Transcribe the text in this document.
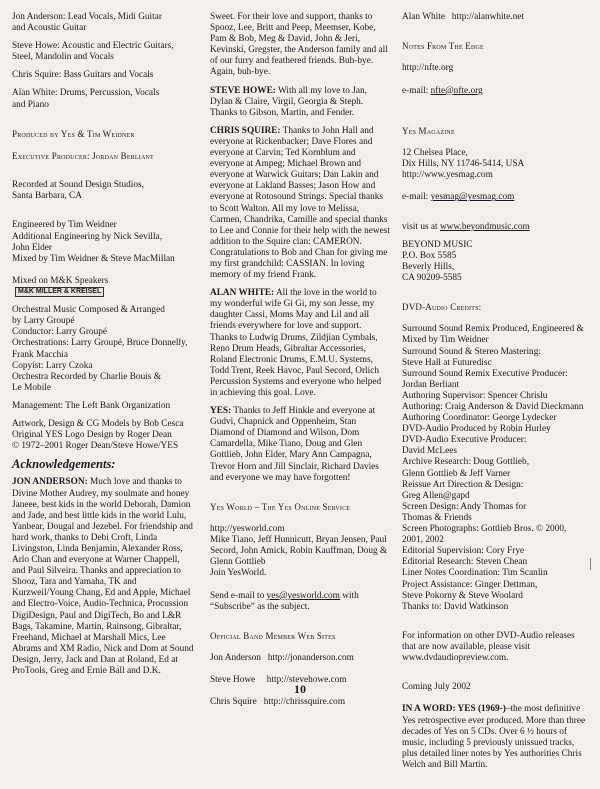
Jon Anderson: Lead Vocals, Midi Guitar
and Acoustic Guitar

Steve Howe: Acoustic and Electric Guitars,
Steel, Mandolin and Vocals

Chris Squire: Bass Guitars and Vocals

Alan White: Drums, Percussion, Vocals
and Piano

Produced by Yes & Tim Weidner

Executive Producer: Jordan Berliant

Recorded at Sound Design Studios,
Santa Barbara, CA

Engineered by Tim Weidner
Additional Engineering by Nick Sevilla,
John Elder
Mixed by Tim Weidner & Steve MacMillan

Mixed on M&K SpeakersM&K MILLER & KREISEL

Orchestral Music Composed & Arranged
by Larry Groupé
Conductor: Larry Groupé
Orchestrations: Larry Groupé, Bruce Donnelly,
Frank Macchia
Copyist: Larry Czoka
Orchestra Recorded by Charlie Bouis &
Le Mobile

Management: The Left Bank Organization

Artwork, Design & CG Models by Bob Cesca
Original YES Logo Design by Roger Dean
© 1972–2001 Roger Dean/Steve Howe/YES

Acknowledgements:

JON ANDERSON: Much love and thanks to Divine Mother Audrey, my soulmate and honey Janeee, best kids in the world Deborah, Damion and Jade, and best little kids in the world Lulu, Yanbear, Dougal and Jezebel. For friendship and hard work, thanks to Debi Croft, Linda Livingston, Linda Benjamin, Alexander Ross, Arlo Chan and everyone at Warner Chappell, and Paul Silveira. Thanks and appreciation to Shooz, Tara and Yamaha, TK and Kurzweil/Young Chang, Ed and Apple, Michael and Electro-Voice, Audio-Technica, Procussion DigiDesign, Paul and DigiTech, Bo and L&R Bags, Takamine, Martin, Rainsong, Gibraltar, Freehand, Michael at Marshall Mics, Lee Abrams and XM Radio, Nick and Dom at Sound Design, Jerry, Jack and Dan at Roland, Ed at ProTools, Greg and Ernie Ball and D.K.

Sweet. For their love and support, thanks to Spooz, Lee, Britt and Peep, Meemser, Kobe, Pam & Bob, Meg & David, John & Jeri, Kevinski, Gregster, the Anderson family and all of our furry and feathered friends. Buh-bye. Again, buh-bye.

STEVE HOWE: With all my love to Jan, Dylan & Claire, Virgil, Georgia & Steph. Thanks to Gibson, Martin, and Fender.

CHRIS SQUIRE: Thanks to John Hall and everyone at Rickenbacker; Dave Flores and everyone at Carvin; Ted Kornblum and everyone at Ampeg; Michael Brown and everyone at Warwick Guitars; Dan Lakin and everyone at Lakland Basses; Jason How and everyone at Rotosound Strings. Special thanks to Scott Walton. All my love to Melissa, Carmen, Chandrika, Camille and special thanks to Lee and Connie for their help with the newest addition to the Squire clan: CAMERON. Congratulations to Bob and Chan for giving me my first grandchild: CASSIAN. In loving memory of my friend Frank.

ALAN WHITE: All the love in the world to my wonderful wife Gi Gi, my son Jesse, my daughter Cassi, Moms May and Lil and all friends everywhere for love and support. Thanks to Ludwig Drums, Zildjian Cymbals, Reno Drum Heads, Gibraltar Accessories, Roland Electronic Drums, E.M.U. Systems, Todd Trent, Reek Havoc, Paul Secord, Orlich Percussion Systems and everyone who helped in achieving this goal. Love.

YES: Thanks to Jeff Hinkle and everyone at Gudvi, Chapnick and Oppenheim, Stan Diamond of Diamond and Wilson, Dom Camardella, Mike Tiano, Doug and Glen Gottlieb, John Elder, Mary Ann Campagna, Trevor Horn and Jill Sinclair, Richard Davies and everyone we may have forgotten!

Yes World – The Yes Online Service

http://yesworld.com
Mike Tiano, Jeff Hunnicutt, Bryan Jensen, Paul Secord, John Amick, Robin Kauffman, Doug & Glenn Gottlieb
Join YesWorld.

Send e-mail to yes@yesworld.com with
“Subscribe” as the subject.

Official Band Member Web Sites

Jon Anderson   http://jonanderson.com

Steve Howe     http://stevehowe.com

Chris Squire   http://chrissquire.com

Alan White   http://alanwhite.net

Notes From The Edge

http://nfte.org

e-mail: nfte@nfte.org

Yes Magazine

12 Chelsea Place,
Dix Hills, NY 11746-5414, USA
http://www.yesmag.com

e-mail: yesmag@yesmag.com

visit us at www.beyondmusic.com

BEYOND MUSIC
P.O. Box 5585
Beverly Hills,
CA 90209-5585

DVD-Audio Credits:

Surround Sound Remix Produced, Engineered & Mixed by Tim Weidner
Surround Sound & Stereo Mastering:
Steve Hall at Futuredisc
Surround Sound Remix Executive Producer:
Jordan Berliant
Authoring Supervisor: Spencer Chrislu
Authoring: Craig Anderson & David Dieckmann
Authoring Coordinator: George Lydecker
DVD-Audio Produced by Robin Hurley
DVD-Audio Executive Producer:
David McLees
Archive Research: Doug Gottlieb,
Glenn Gottlieb & Jeff Varner
Reissue Art Direction & Design:
Greg Allen@gapd
Screen Design: Andy Thomas for
Thomas & Friends
Screen Photographs: Gottlieb Bros. © 2000,
2001, 2002
Editorial Supervision: Cory Frye
Editorial Research: Steven Chean
Liner Notes Coordination: Tim Scanlin
Project Assistance: Ginger Dettman,
Steve Pokorny & Steve Woolard
Thanks to: David Watkinson

For information on other DVD-Audio releases that are now available, please visit www.dvdaudiopreview.com.

Coming July 2002

IN A WORD: YES (1969-)–the most definitive Yes retrospective ever produced. More than three decades of Yes on 5 CDs. Over 6 ½ hours of music, including 5 previously unissued tracks, plus detailed liner notes by Yes authorities Chris Welch and Bill Martin.

10
